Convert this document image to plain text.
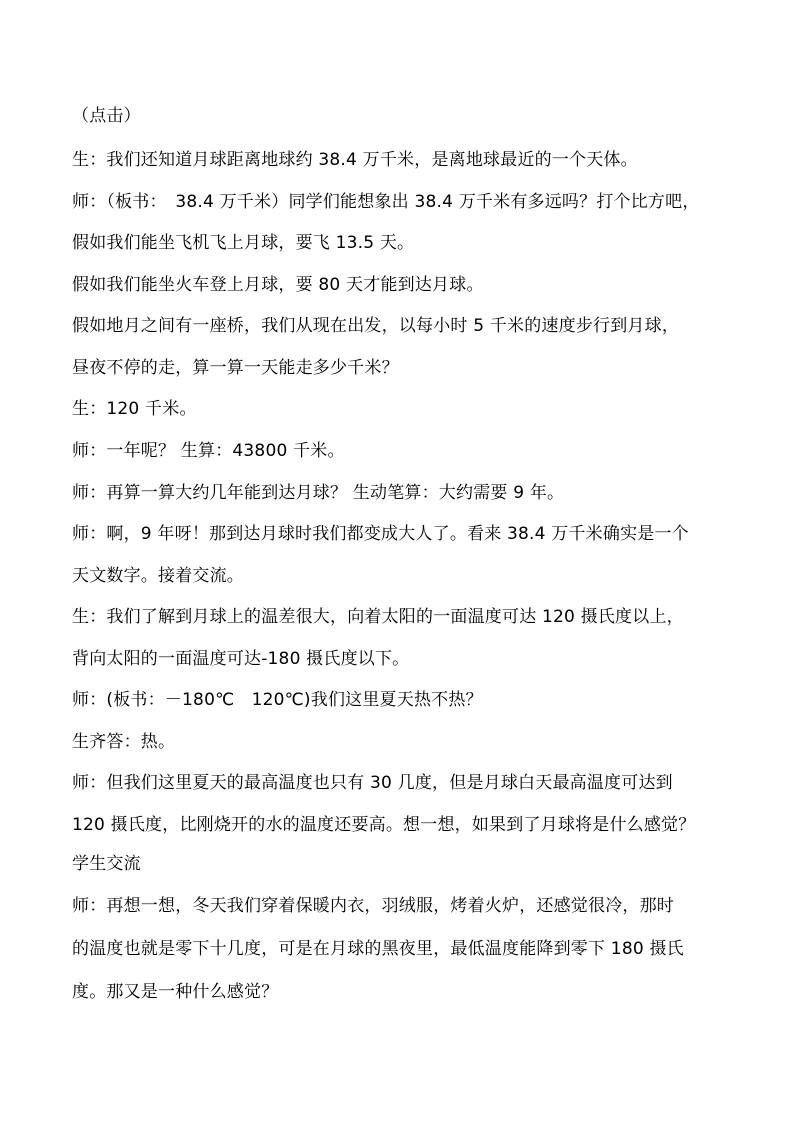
（点击）
生：我们还知道月球距离地球约 38.4 万千米，是离地球最近的一个天体。
师：（板书：　38.4 万千米）同学们能想象出 38.4 万千米有多远吗？打个比方吧，
假如我们能坐飞机飞上月球，要飞 13.5 天。
假如我们能坐火车登上月球，要 80 天才能到达月球。
假如地月之间有一座桥，我们从现在出发，以每小时 5 千米的速度步行到月球，
昼夜不停的走，算一算一天能走多少千米？
生：120 千米。
师：一年呢？ 生算：43800 千米。
师：再算一算大约几年能到达月球？ 生动笔算：大约需要 9 年。
师：啊，9 年呀！那到达月球时我们都变成大人了。看来 38.4 万千米确实是一个
天文数字。接着交流。
生：我们了解到月球上的温差很大，向着太阳的一面温度可达 120 摄氏度以上，
背向太阳的一面温度可达-180 摄氏度以下。
师：(板书：－180℃　120℃)我们这里夏天热不热？
生齐答：热。
师：但我们这里夏天的最高温度也只有 30 几度，但是月球白天最高温度可达到
120 摄氏度，比刚烧开的水的温度还要高。想一想，如果到了月球将是什么感觉？
学生交流
师：再想一想，冬天我们穿着保暖内衣，羽绒服，烤着火炉，还感觉很冷，那时
的温度也就是零下十几度，可是在月球的黑夜里，最低温度能降到零下 180 摄氏
度。那又是一种什么感觉？
